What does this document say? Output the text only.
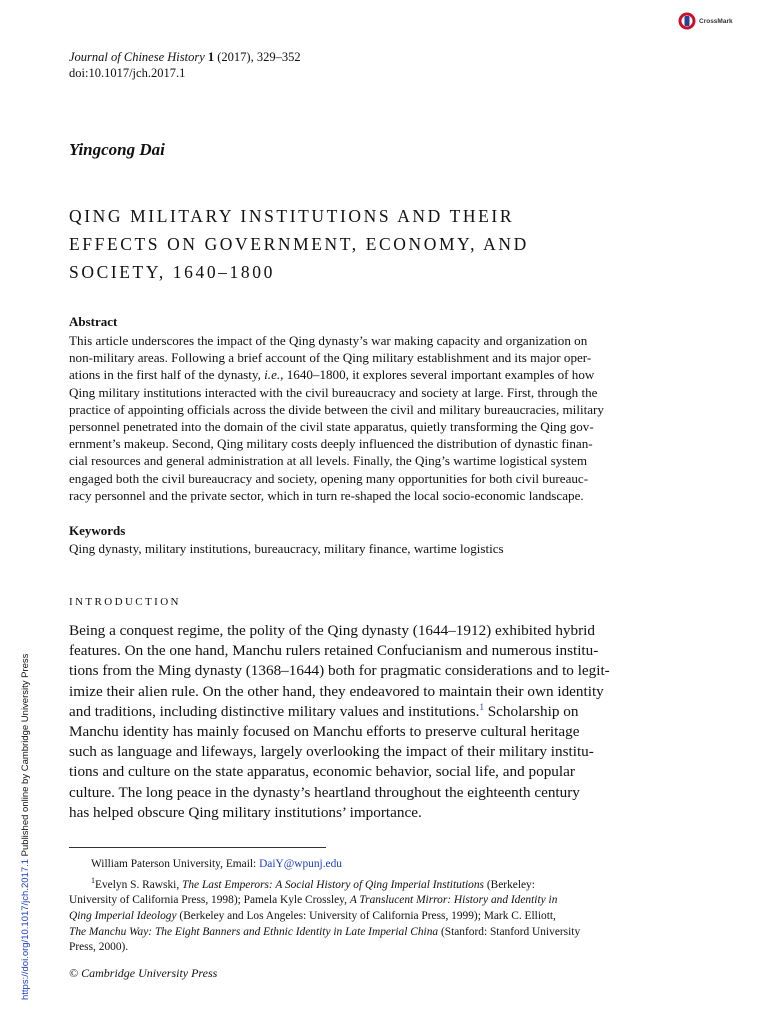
CrossMark
Journal of Chinese History 1 (2017), 329–352
doi:10.1017/jch.2017.1
Yingcong Dai
QING MILITARY INSTITUTIONS AND THEIR
EFFECTS ON GOVERNMENT, ECONOMY, AND
SOCIETY, 1640–1800
Abstract
This article underscores the impact of the Qing dynasty’s war making capacity and organization on
non-military areas. Following a brief account of the Qing military establishment and its major oper-
ations in the first half of the dynasty, i.e., 1640–1800, it explores several important examples of how
Qing military institutions interacted with the civil bureaucracy and society at large. First, through the
practice of appointing officials across the divide between the civil and military bureaucracies, military
personnel penetrated into the domain of the civil state apparatus, quietly transforming the Qing gov-
ernment’s makeup. Second, Qing military costs deeply influenced the distribution of dynastic finan-
cial resources and general administration at all levels. Finally, the Qing’s wartime logistical system
engaged both the civil bureaucracy and society, opening many opportunities for both civil bureauc-
racy personnel and the private sector, which in turn re-shaped the local socio-economic landscape.
Keywords
Qing dynasty, military institutions, bureaucracy, military finance, wartime logistics
INTRODUCTION
Being a conquest regime, the polity of the Qing dynasty (1644–1912) exhibited hybrid
features. On the one hand, Manchu rulers retained Confucianism and numerous institu-
tions from the Ming dynasty (1368–1644) both for pragmatic considerations and to legit-
imize their alien rule. On the other hand, they endeavored to maintain their own identity
and traditions, including distinctive military values and institutions.$^1$ Scholarship on
Manchu identity has mainly focused on Manchu efforts to preserve cultural heritage
such as language and lifeways, largely overlooking the impact of their military institu-
tions and culture on the state apparatus, economic behavior, social life, and popular
culture. The long peace in the dynasty’s heartland throughout the eighteenth century
has helped obscure Qing military institutions’ importance.
William Paterson University, Email: DaiY@wpunj.edu
$^1$Evelyn S. Rawski, The Last Emperors: A Social History of Qing Imperial Institutions (Berkeley:
University of California Press, 1998); Pamela Kyle Crossley, A Translucent Mirror: History and Identity in
Qing Imperial Ideology (Berkeley and Los Angeles: University of California Press, 1999); Mark C. Elliott,
The Manchu Way: The Eight Banners and Ethnic Identity in Late Imperial China (Stanford: Stanford University
Press, 2000).
© Cambridge University Press
https://doi.org/10.1017/jch.2017.1 Published online by Cambridge University Press
